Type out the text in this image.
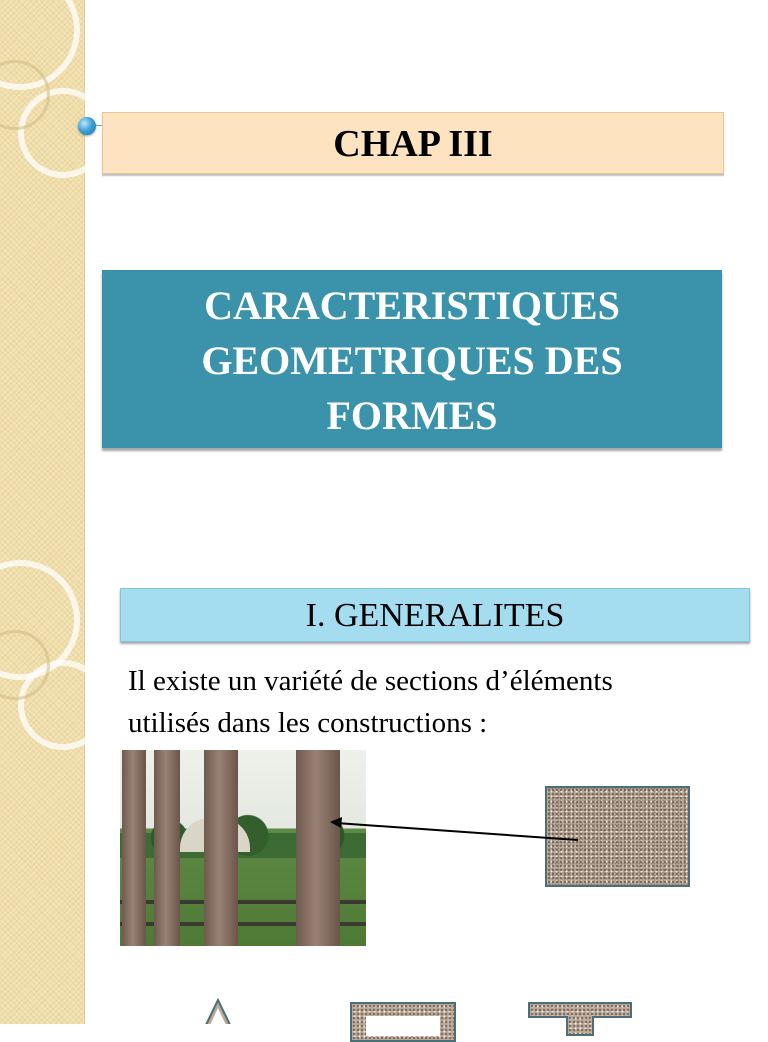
CHAP III
CARACTERISTIQUES
GEOMETRIQUES DES
FORMES
I. GENERALITES
Il existe un variété de sections d’éléments
utilisés dans les constructions :
